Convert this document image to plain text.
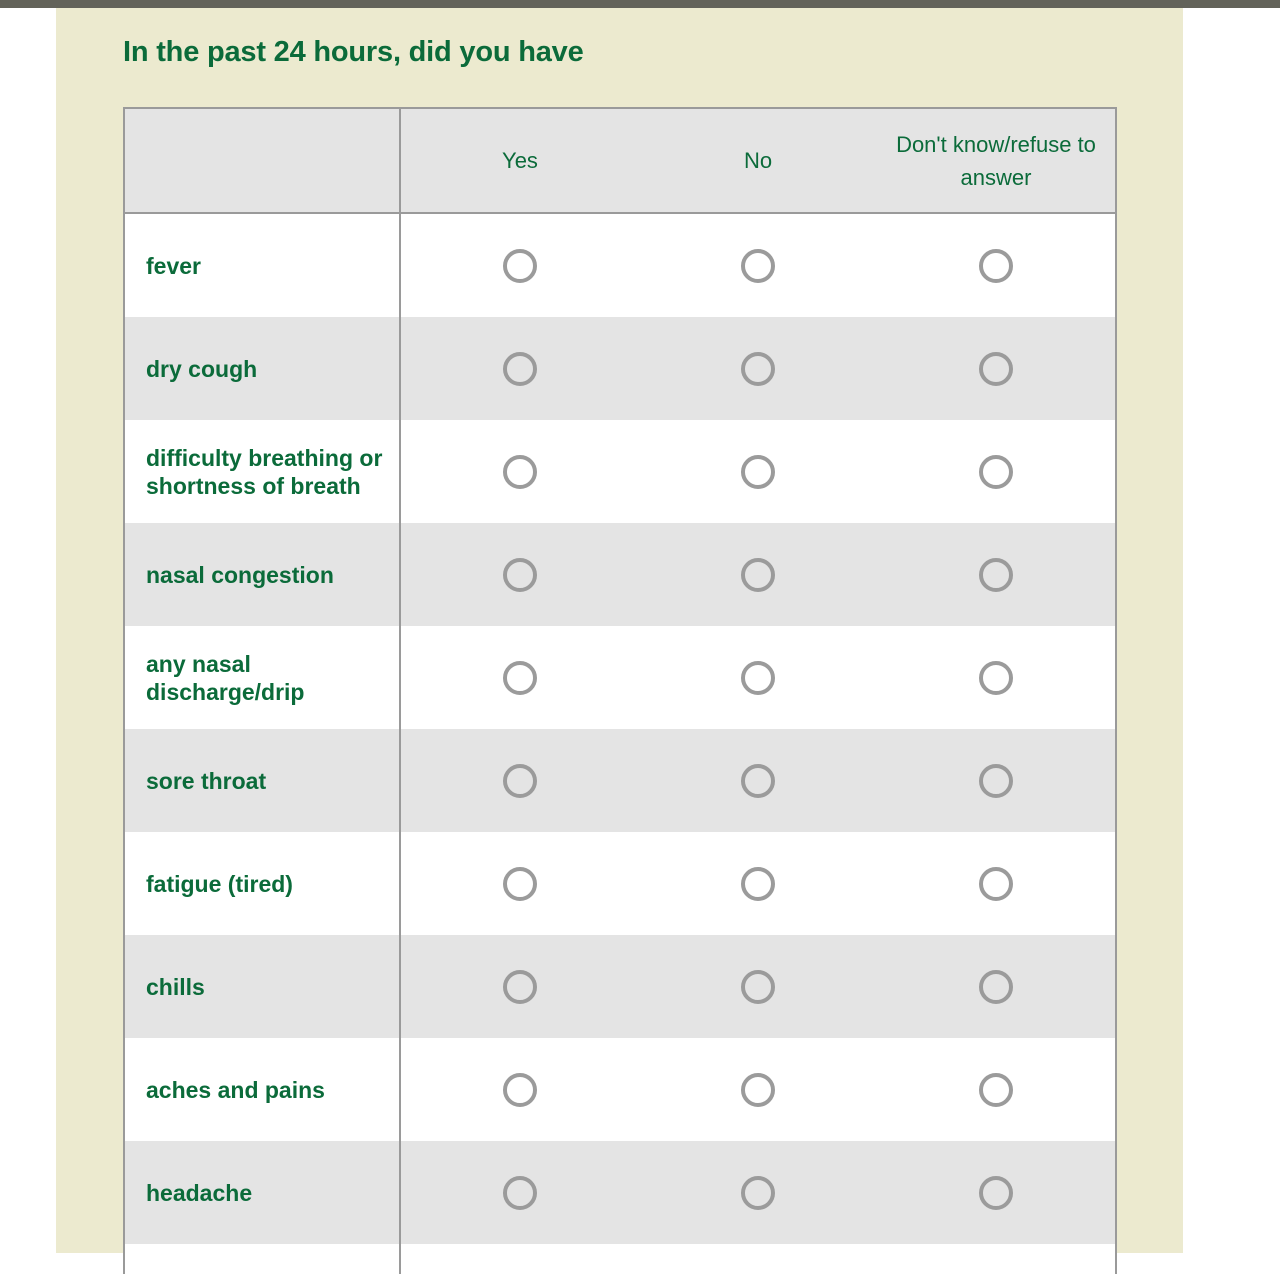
In the past 24 hours, did you have
Yes	No
Don't know/refuse to answer
fever
dry cough
difficulty breathing or shortness of breath
nasal congestion
any nasal discharge/drip
sore throat
fatigue (tired)
chills
aches and pains
headache
